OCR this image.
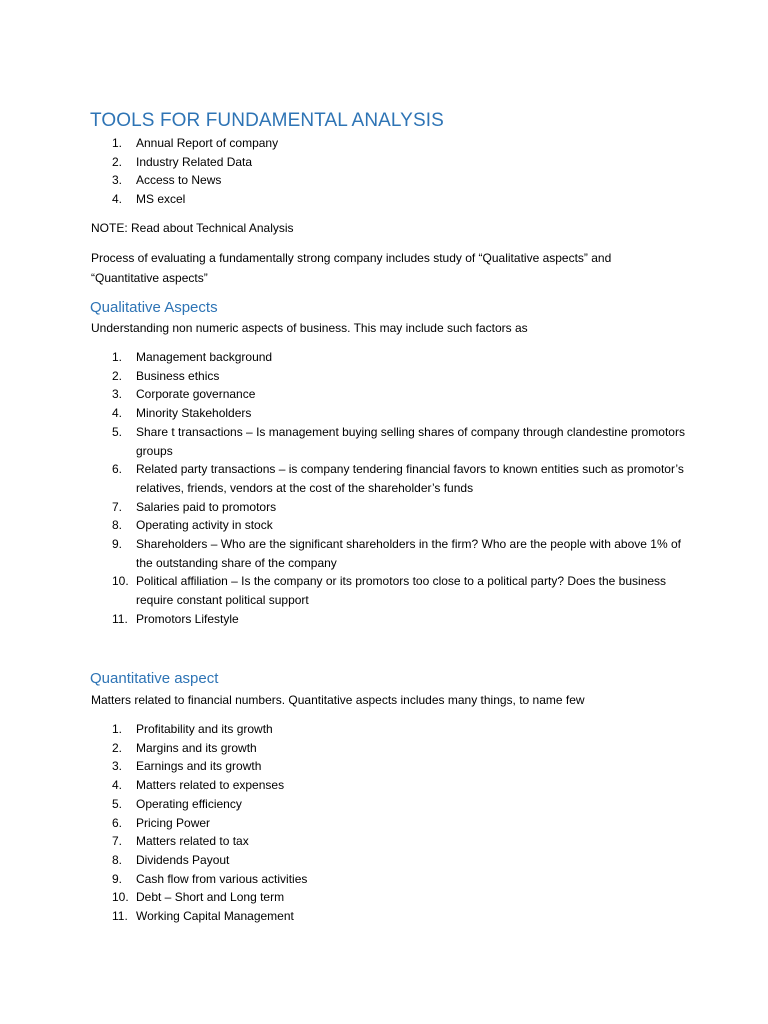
TOOLS FOR FUNDAMENTAL ANALYSIS
1.	Annual Report of company
2.	Industry Related Data
3.	Access to News
4.	MS excel
NOTE: Read about Technical Analysis
Process of evaluating a fundamentally strong company includes study of “Qualitative aspects” and “Quantitative aspects”
Qualitative Aspects
Understanding non numeric aspects of business. This may include such factors as
1.	Management background
2.	Business ethics
3.	Corporate governance
4.	Minority Stakeholders
5.	Share t transactions – Is management buying selling shares of company through clandestine promotors groups
6.	Related party transactions – is company tendering financial favors to known entities such as promotor’s relatives, friends, vendors at the cost of the shareholder’s funds
7.	Salaries paid to promotors
8.	Operating activity in stock
9.	Shareholders – Who are the significant shareholders in the firm? Who are the people with above 1% of the outstanding share of the company
10. Political affiliation – Is the company or its promotors too close to a political party? Does the business require constant political support
11. Promotors Lifestyle
Quantitative aspect
Matters related to financial numbers. Quantitative aspects includes many things, to name few
1.	Profitability and its growth
2.	Margins and its growth
3.	Earnings and its growth
4.	Matters related to expenses
5.	Operating efficiency
6.	Pricing Power
7.	Matters related to tax
8.	Dividends Payout
9.	Cash flow from various activities
10. Debt – Short and Long term
11. Working Capital Management
